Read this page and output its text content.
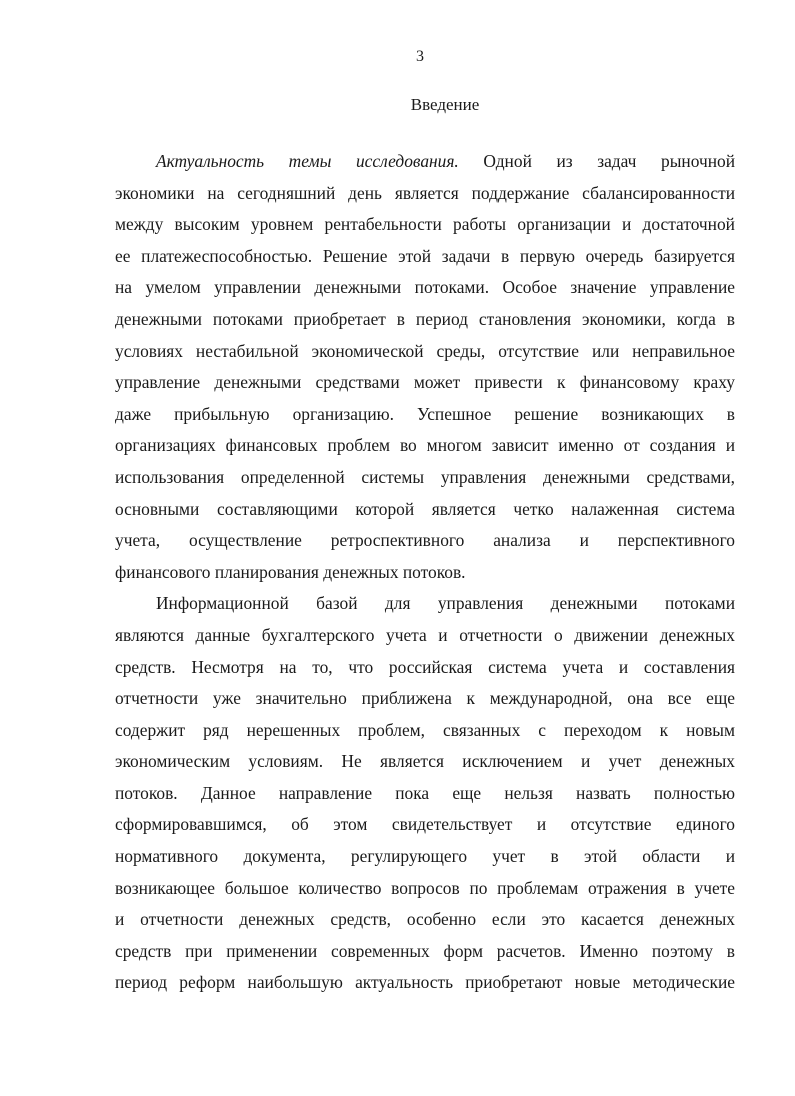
3
Введение
Актуальность темы исследования. Одной из задач рыночной
экономики на сегодняшний день является поддержание сбалансированности
между высоким уровнем рентабельности работы организации и достаточной
ее платежеспособностью. Решение этой задачи в первую очередь базируется
на умелом управлении денежными потоками. Особое значение управление
денежными потоками приобретает в период становления экономики, когда в
условиях нестабильной экономической среды, отсутствие или неправильное
управление денежными средствами может привести к финансовому краху
даже прибыльную организацию. Успешное решение возникающих в
организациях финансовых проблем во многом зависит именно от создания и
использования определенной системы управления денежными средствами,
основными составляющими которой является четко налаженная система
учета, осуществление ретроспективного анализа и перспективного
финансового планирования денежных потоков.
Информационной базой для управления денежными потоками
являются данные бухгалтерского учета и отчетности о движении денежных
средств. Несмотря на то, что российская система учета и составления
отчетности уже значительно приближена к международной, она все еще
содержит ряд нерешенных проблем, связанных с переходом к новым
экономическим условиям. Не является исключением и учет денежных
потоков. Данное направление пока еще нельзя назвать полностью
сформировавшимся, об этом свидетельствует и отсутствие единого
нормативного документа, регулирующего учет в этой области и
возникающее большое количество вопросов по проблемам отражения в учете
и отчетности денежных средств, особенно если это касается денежных
средств при применении современных форм расчетов. Именно поэтому в
период реформ наибольшую актуальность приобретают новые методические
